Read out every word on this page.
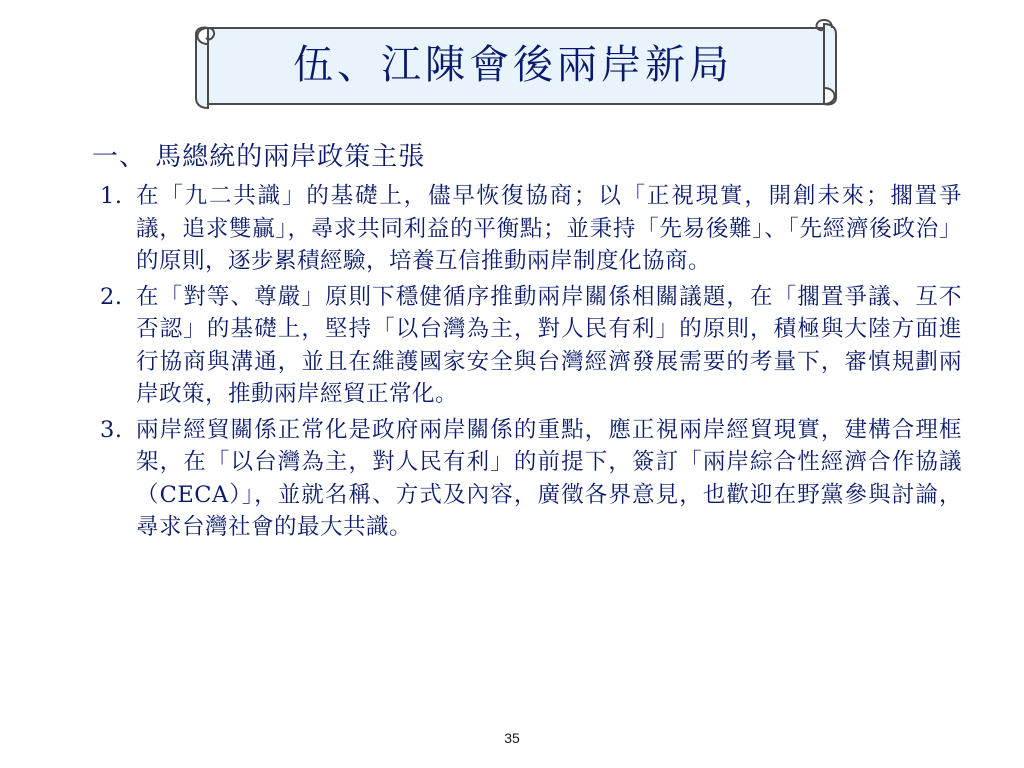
伍、江陳會後兩岸新局
一、 馬總統的兩岸政策主張
1. 在「九二共識」的基礎上，儘早恢復協商；以「正視現實，開創未來；擱置爭議，追求雙贏」，尋求共同利益的平衡點；並秉持「先易後難」、「先經濟後政治」的原則，逐步累積經驗，培養互信推動兩岸制度化協商。
2. 在「對等、尊嚴」原則下穩健循序推動兩岸關係相關議題，在「擱置爭議、互不否認」的基礎上，堅持「以台灣為主，對人民有利」的原則，積極與大陸方面進行協商與溝通，並且在維護國家安全與台灣經濟發展需要的考量下，審慎規劃兩岸政策，推動兩岸經貿正常化。
3. 兩岸經貿關係正常化是政府兩岸關係的重點，應正視兩岸經貿現實，建構合理框架，在「以台灣為主，對人民有利」的前提下，簽訂「兩岸綜合性經濟合作協議（CECA）」，並就名稱、方式及內容，廣徵各界意見，也歡迎在野黨參與討論，尋求台灣社會的最大共識。
35
